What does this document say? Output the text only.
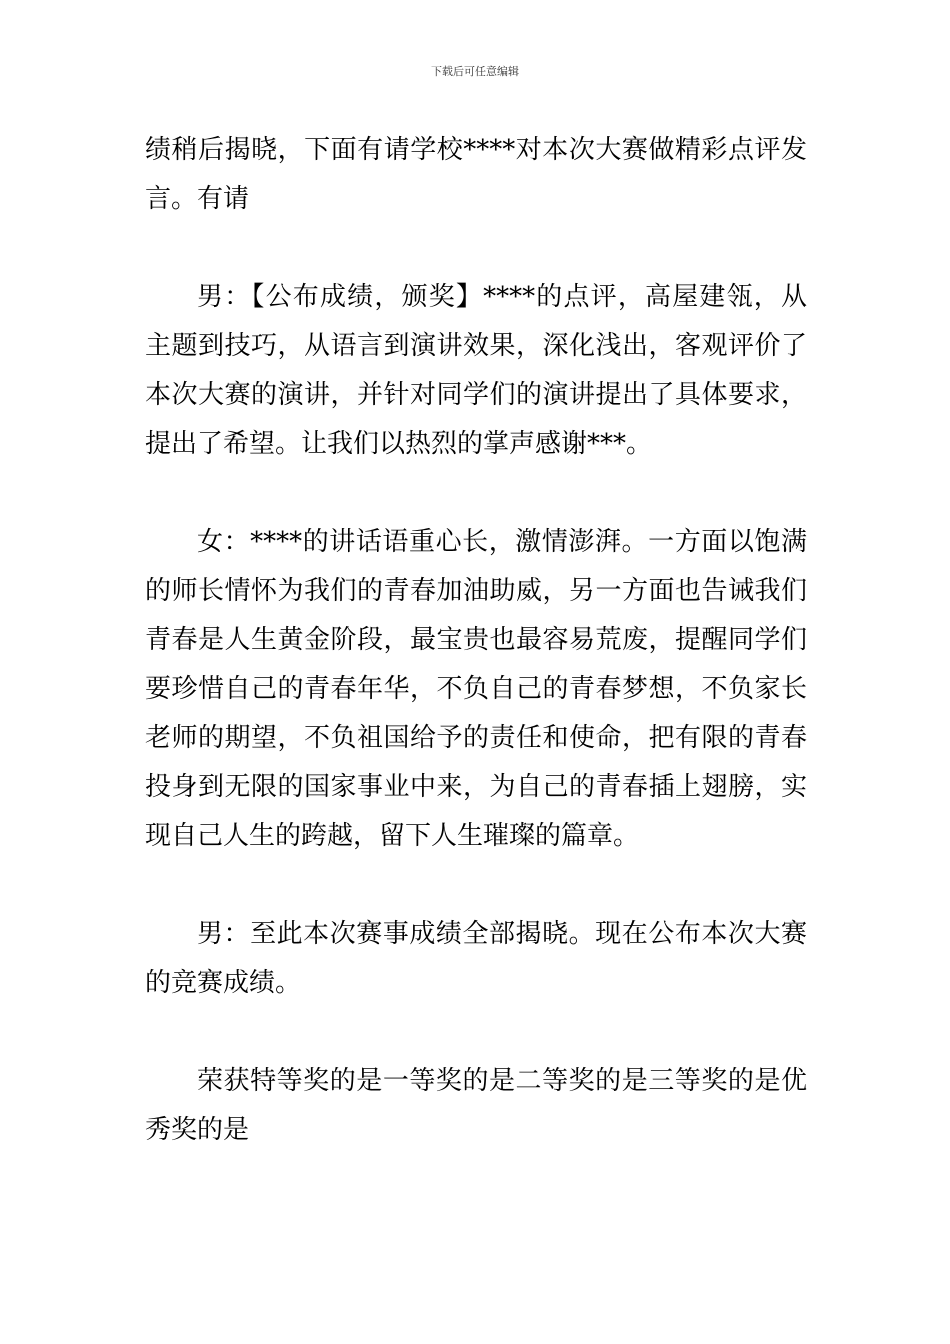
下载后可任意编辑

绩稍后揭晓，下面有请学校****对本次大赛做精彩点评发言。有请

男：【公布成绩，颁奖】****的点评，高屋建瓴，从主题到技巧，从语言到演讲效果，深化浅出，客观评价了本次大赛的演讲，并针对同学们的演讲提出了具体要求，提出了希望。让我们以热烈的掌声感谢***。

女：****的讲话语重心长，激情澎湃。一方面以饱满的师长情怀为我们的青春加油助威，另一方面也告诫我们青春是人生黄金阶段，最宝贵也最容易荒废，提醒同学们要珍惜自己的青春年华，不负自己的青春梦想，不负家长老师的期望，不负祖国给予的责任和使命，把有限的青春投身到无限的国家事业中来，为自己的青春插上翅膀，实现自己人生的跨越，留下人生璀璨的篇章。

男：至此本次赛事成绩全部揭晓。现在公布本次大赛的竞赛成绩。

荣获特等奖的是一等奖的是二等奖的是三等奖的是优秀奖的是
